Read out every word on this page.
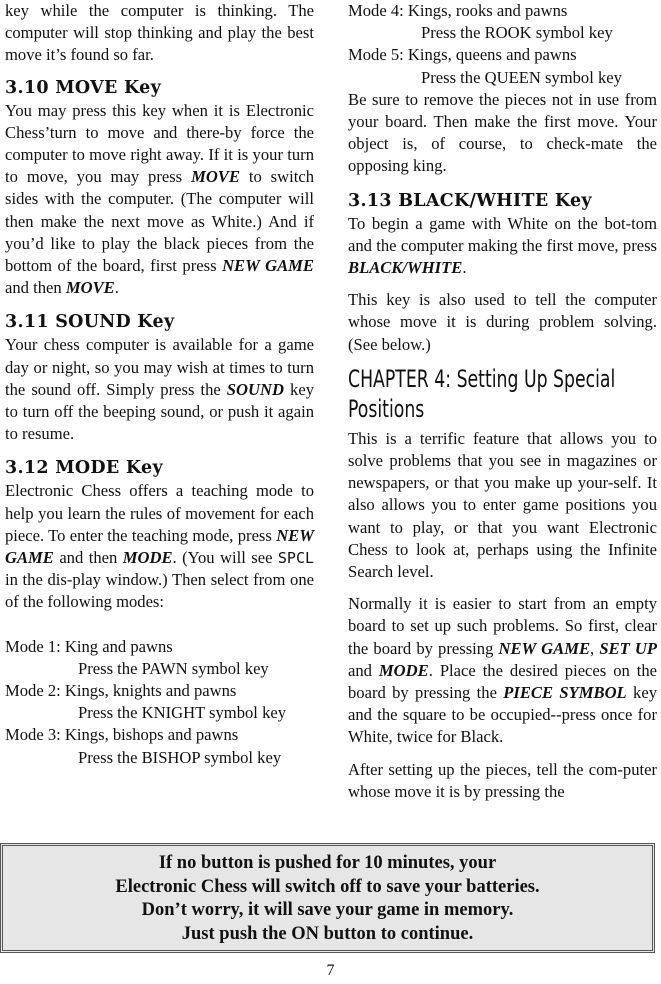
key while the computer is thinking. The computer will stop thinking and play the best move it’s found so far.

3.10 MOVE Key

You may press this key when it is Electronic Chess’turn to move and there-by force the computer to move right away. If it is your turn to move, you may press MOVE to switch sides with the computer. (The computer will then make the next move as White.) And if you’d like to play the black pieces from the bottom of the board, first press NEW GAME and then MOVE.

3.11 SOUND Key

Your chess computer is available for a game day or night, so you may wish at times to turn the sound off. Simply press the SOUND key to turn off the beeping sound, or push it again to resume.

3.12 MODE Key

Electronic Chess offers a teaching mode to help you learn the rules of movement for each piece. To enter the teaching mode, press NEW GAME and then MODE. (You will see SPCL in the dis-play window.) Then select from one of the following modes:

Mode 1: King and pawns

Press the PAWN symbol key

Mode 2: Kings, knights and pawns

Press the KNIGHT symbol key

Mode 3: Kings, bishops and pawns

Press the BISHOP symbol key

Mode 4: Kings, rooks and pawns

Press the ROOK symbol key

Mode 5: Kings, queens and pawns

Press the QUEEN symbol key

Be sure to remove the pieces not in use from your board. Then make the first move. Your object is, of course, to check-mate the opposing king.

3.13 BLACK/WHITE Key

To begin a game with White on the bot-tom and the computer making the first move, press BLACK/WHITE.

This key is also used to tell the computer whose move it is during problem solving. (See below.)

CHAPTER 4: Setting Up Special Positions

This is a terrific feature that allows you to solve problems that you see in magazines or newspapers, or that you make up your-self. It also allows you to enter game positions you want to play, or that you want Electronic Chess to look at, perhaps using the Infinite Search level.

Normally it is easier to start from an empty board to set up such problems. So first, clear the board by pressing NEW GAME, SET UP and MODE. Place the desired pieces on the board by pressing the PIECE SYMBOL key and the square to be occupied--press once for White, twice for Black.

After setting up the pieces, tell the com-puter whose move it is by pressing the

If no button is pushed for 10 minutes, your
Electronic Chess will switch off to save your batteries.
Don’t worry, it will save your game in memory.
Just push the ON button to continue.
7
